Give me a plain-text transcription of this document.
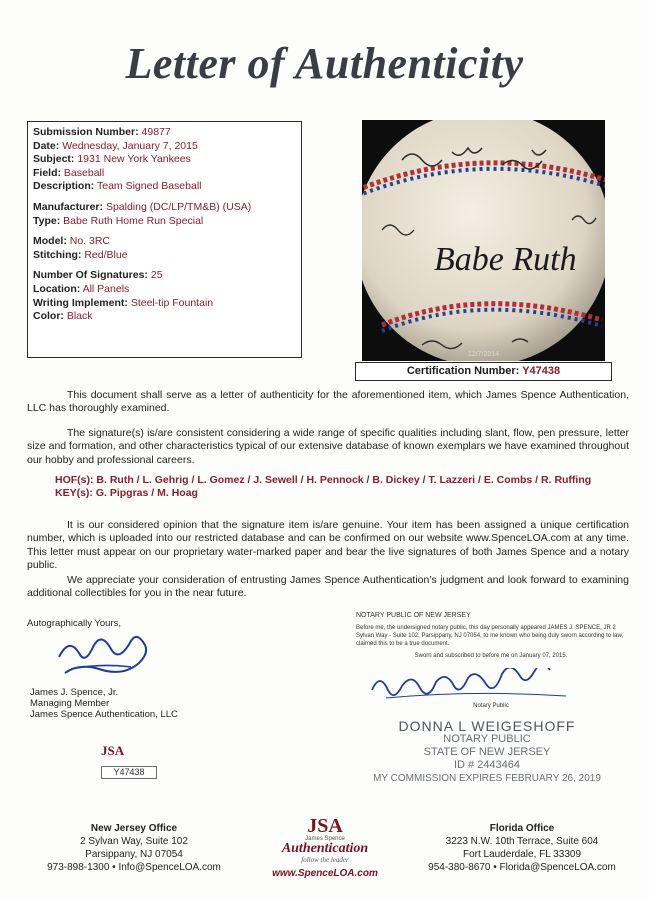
Letter of Authenticity
Submission Number: 49877
Date: Wednesday, January 7, 2015
Subject: 1931 New York Yankees
Field: Baseball
Description: Team Signed Baseball
Manufacturer: Spalding (DC/LP/TM&B) (USA)
Type: Babe Ruth Home Run Special
Model: No. 3RC
Stitching: Red/Blue
Number Of Signatures: 25
Location: All Panels
Writing Implement: Steel-tip Fountain
Color: Black
Babe Ruth
12/7/2014
Certification Number: Y47438
This document shall serve as a letter of authenticity for the aforementioned item, which James Spence Authentication, LLC has thoroughly examined.
The signature(s) is/are consistent considering a wide range of specific qualities including slant, flow, pen pressure, letter size and formation, and other characteristics typical of our extensive database of known exemplars we have examined throughout our hobby and professional careers.
HOF(s): B. Ruth / L. Gehrig / L. Gomez / J. Sewell / H. Pennock / B. Dickey / T. Lazzeri / E. Combs / R. Ruffing
KEY(s): G. Pipgras / M. Hoag
It is our considered opinion that the signature item is/are genuine. Your item has been assigned a unique certification number, which is uploaded into our restricted database and can be confirmed on our website www.SpenceLOA.com at any time. This letter must appear on our proprietary water-marked paper and bear the live signatures of both James Spence and a notary public.
We appreciate your consideration of entrusting James Spence Authentication’s judgment and look forward to examining additional collectibles for you in the near future.
Autographically Yours,
James J. Spence, Jr.
Managing Member
James Spence Authentication, LLC
NOTARY PUBLIC OF NEW JERSEY
Before me, the undersigned notary public, this day personally appeared JAMES J. SPENCE, JR 2 Sylvan Way - Suite 102, Parsippany, NJ 07054, to me known who being duly sworn according to law, claimed this to be a true document.
Sworn and subscribed to before me on January 07, 2015.
Notary Public
DONNA L WEIGESHOFF
NOTARY PUBLIC
STATE OF NEW JERSEY
ID # 2443464
MY COMMISSION EXPIRES FEBRUARY 26, 2019
JSA
Y47438
New Jersey Office
2 Sylvan Way, Suite 102
Parsippany, NJ 07054
973-898-1300 • Info@SpenceLOA.com
JSA
James Spence
Authentication
follow the leader
www.SpenceLOA.com
Florida Office
3223 N.W. 10th Terrace, Suite 604
Fort Lauderdale, FL 33309
954-380-8670 • Florida@SpenceLOA.com
